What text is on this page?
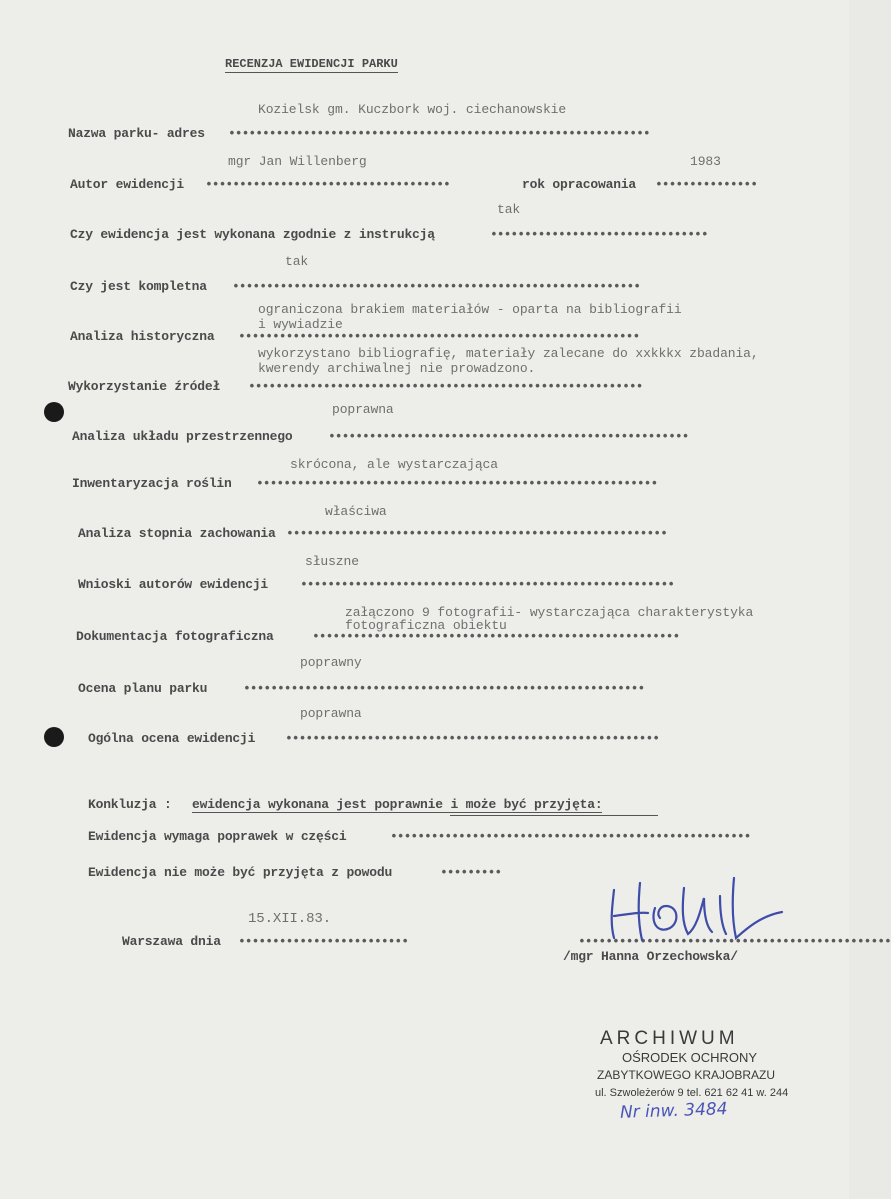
RECENZJA EWIDENCJI PARKU
Kozielsk gm. Kuczbork woj. ciechanowskie
Nazwa parku- adres ••••••••••••••••••••••••••••••••••••••••••••••••••••••••••••••
mgr Jan Willenberg	1983
Autor ewidencji ••••••••••••••••••••••••••••••••••••	rok opracowania •••••••••••••••
tak
Czy ewidencja jest wykonana zgodnie z instrukcją	••••••••••••••••••••••••••••••••
tak
Czy jest kompletna ••••••••••••••••••••••••••••••••••••••••••••••••••••••••••••
ograniczona brakiem materiałów - oparta na bibliografii
i wywiadzie
Analiza historyczna •••••••••••••••••••••••••••••••••••••••••••••••••••••••••••
wykorzystano bibliografię, materiały zalecane do xxkkkx zbadania,
kwerendy archiwalnej nie prowadzono.
Wykorzystanie źródeł ••••••••••••••••••••••••••••••••••••••••••••••••••••••••••
poprawna
Analiza układu przestrzennego	•••••••••••••••••••••••••••••••••••••••••••••••••••••
skrócona, ale wystarczająca
Inwentaryzacja roślin •••••••••••••••••••••••••••••••••••••••••••••••••••••••••••
właściwa
Analiza stopnia zachowania ••••••••••••••••••••••••••••••••••••••••••••••••••••••••
słuszne
Wnioski autorów ewidencji •••••••••••••••••••••••••••••••••••••••••••••••••••••••
załączono 9 fotografii- wystarczająca charakterystyka
fotograficzna obiektu
Dokumentacja fotograficzna	••••••••••••••••••••••••••••••••••••••••••••••••••••••
poprawny
Ocena planu parku	•••••••••••••••••••••••••••••••••••••••••••••••••••••••••••
poprawna
Ogólna ocena ewidencji •••••••••••••••••••••••••••••••••••••••••••••••••••••••
Konkluzja : ewidencja wykonana jest poprawnie i może być przyjęta:
Ewidencja wymaga poprawek w części	•••••••••••••••••••••••••••••••••••••••••••••••••••••
Ewidencja nie może być przyjęta z powodu	•••••••••
15.XII.83.
Warszawa dnia •••••••••••••••••••••••••	••••••••••••••••••••••••••••••••••••••••••••••
/mgr Hanna Orzechowska/
ARCHIWUM
OŚRODEK OCHRONY
ZABYTKOWEGO KRAJOBRAZU
ul. Szwoleżerów 9 tel. 621 62 41 w. 244
Nr inw. 3484
